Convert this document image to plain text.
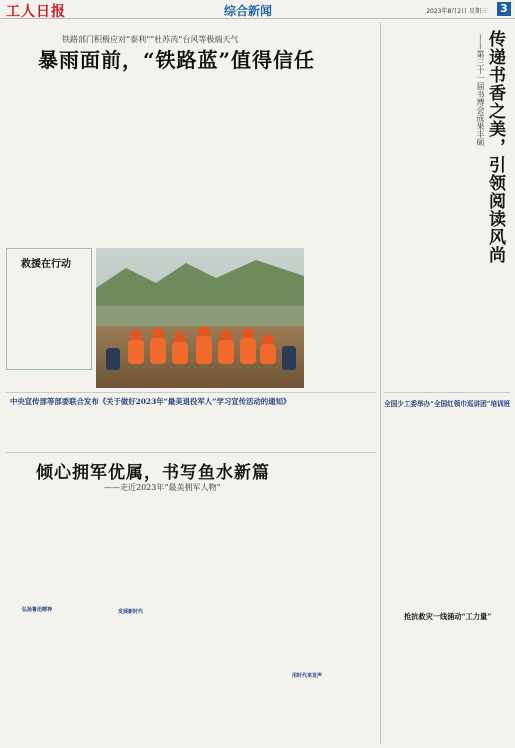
工人日报	综合新闻	2023年8月2日 星期三 3
铁路部门积极应对“泰利”“杜苏芮”台风等极端天气
暴雨面前，“铁路蓝”值得信任
救援在行动
中央宣传部等部委联合发布《关于做好2023年“最美退役军人”学习宣传活动的通知》
倾心拥军优属，书写鱼水新篇
——走近2023年“最美拥军人物”
弘扬鲁迅精神	发展新时代
用时代来发声
传递书香之美，引领阅读风尚
——第三十一届书博会成果丰硕
全国少工委举办“全国红领巾巡讲团”培训班
抢抗救灾一线涌动“工力量”
